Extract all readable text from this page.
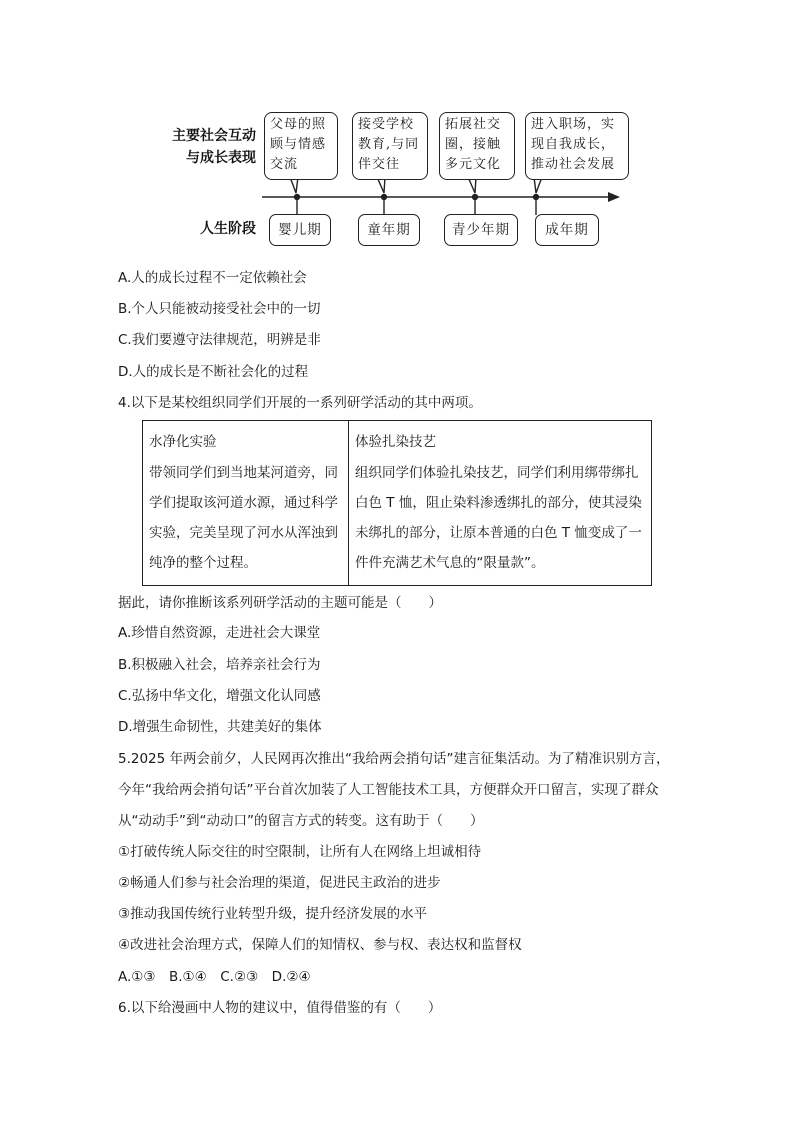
主要社会互动
与成长表现
人生阶段
父母的照
顾与情感
交流
接受学校
教育,与同
伴交往
拓展社交
圈，接触
多元文化
进入职场，实
现自我成长，
推动社会发展
婴儿期	童年期	青少年期	成年期
A.人的成长过程不一定依赖社会
B.个人只能被动接受社会中的一切
C.我们要遵守法律规范，明辨是非
D.人的成长是不断社会化的过程
4.以下是某校组织同学们开展的一系列研学活动的其中两项。
水净化实验
带领同学们到当地某河道旁，同
学们提取该河道水源，通过科学
实验，完美呈现了河水从浑浊到
纯净的整个过程。
体验扎染技艺
组织同学们体验扎染技艺，同学们利用绑带绑扎
白色 T 恤，阻止染料渗透绑扎的部分，使其浸染
未绑扎的部分，让原本普通的白色 T 恤变成了一
件件充满艺术气息的“限量款”。
据此，请你推断该系列研学活动的主题可能是（　　）
A.珍惜自然资源，走进社会大课堂
B.积极融入社会，培养亲社会行为
C.弘扬中华文化，增强文化认同感
D.增强生命韧性，共建美好的集体
5.2025 年两会前夕，人民网再次推出“我给两会捎句话”建言征集活动。为了精准识别方言，
今年“我给两会捎句话”平台首次加装了人工智能技术工具，方便群众开口留言，实现了群众
从“动动手”到“动动口”的留言方式的转变。这有助于（　　）
①打破传统人际交往的时空限制，让所有人在网络上坦诚相待
②畅通人们参与社会治理的渠道，促进民主政治的进步
③推动我国传统行业转型升级，提升经济发展的水平
④改进社会治理方式，保障人们的知情权、参与权、表达权和监督权
A.①③　B.①④　C.②③　D.②④
6.以下给漫画中人物的建议中，值得借鉴的有（　　）
